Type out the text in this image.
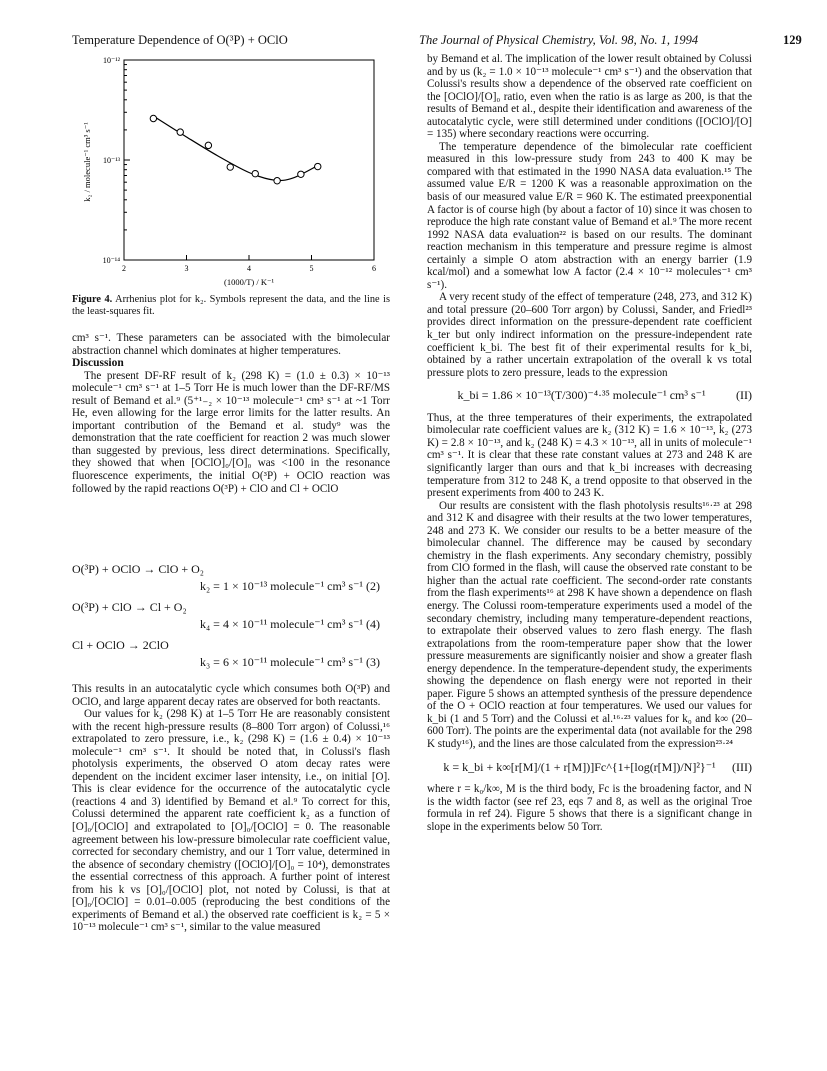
Temperature Dependence of O(³P) + OClO	The Journal of Physical Chemistry, Vol. 98, No. 1, 1994	129
2	3	4	5	6
10⁻¹²
10⁻¹³
10⁻¹⁴
k₂ / molecule⁻¹ cm³ s⁻¹
(1000/T) / K⁻¹
Figure 4. Arrhenius plot for k₂. Symbols represent the data, and the line is the least-squares fit.

cm³ s⁻¹. These parameters can be associated with the bimolecular abstraction channel which dominates at higher temperatures.

Discussion

The present DF-RF result of k₂ (298 K) = (1.0 ± 0.3) × 10⁻¹³ molecule⁻¹ cm³ s⁻¹ at 1–5 Torr He is much lower than the DF-RF/MS result of Bemand et al.⁹ (5⁺¹₋₂ × 10⁻¹³ molecule⁻¹ cm³ s⁻¹ at ~1 Torr He, even allowing for the large error limits for the latter results. An important contribution of the Bemand et al. study⁹ was the demonstration that the rate coefficient for reaction 2 was much slower than suggested by previous, less direct determinations. Specifically, they showed that when [OClO]₀/[O]₀ was <100 in the resonance fluorescence experiments, the initial O(³P) + OClO reaction was followed by the rapid reactions O(³P) + ClO and Cl + OClO

O(³P) + OClO → ClO + O₂
k₂ = 1 × 10⁻¹³ molecule⁻¹ cm³ s⁻¹ (2)
O(³P) + ClO → Cl + O₂
k₄ = 4 × 10⁻¹¹ molecule⁻¹ cm³ s⁻¹ (4)
Cl + OClO → 2ClO
k₃ = 6 × 10⁻¹¹ molecule⁻¹ cm³ s⁻¹ (3)

This results in an autocatalytic cycle which consumes both O(³P) and OClO, and large apparent decay rates are observed for both reactants.

Our values for k₂ (298 K) at 1–5 Torr He are reasonably consistent with the recent high-pressure results (8–800 Torr argon) of Colussi,¹⁶ extrapolated to zero pressure, i.e., k₂ (298 K) = (1.6 ± 0.4) × 10⁻¹³ molecule⁻¹ cm³ s⁻¹. It should be noted that, in Colussi's flash photolysis experiments, the observed O atom decay rates were dependent on the incident excimer laser intensity, i.e., on initial [O]. This is clear evidence for the occurrence of the autocatalytic cycle (reactions 4 and 3) identified by Bemand et al.⁹ To correct for this, Colussi determined the apparent rate coefficient k₂ as a function of [O]₀/[OClO] and extrapolated to [O]₀/[OClO] = 0. The reasonable agreement between his low-pressure bimolecular rate coefficient value, corrected for secondary chemistry, and our 1 Torr value, determined in the absence of secondary chemistry ([OClO]/[O]₀ = 10⁴), demonstrates the essential correctness of this approach. A further point of interest from his k vs [O]₀/[OClO] plot, not noted by Colussi, is that at [O]₀/[OClO] = 0.01–0.005 (reproducing the best conditions of the experiments of Bemand et al.) the observed rate coefficient is k₂ = 5 × 10⁻¹³ molecule⁻¹ cm³ s⁻¹, similar to the value measured

by Bemand et al. The implication of the lower result obtained by Colussi and by us (k₂ = 1.0 × 10⁻¹³ molecule⁻¹ cm³ s⁻¹) and the observation that Colussi's results show a dependence of the observed rate coefficient on the [OClO]/[O]₀ ratio, even when the ratio is as large as 200, is that the results of Bemand et al., despite their identification and awareness of the autocatalytic cycle, were still determined under conditions ([OClO]/[O] = 135) where secondary reactions were occurring.

The temperature dependence of the bimolecular rate coefficient measured in this low-pressure study from 243 to 400 K may be compared with that estimated in the 1990 NASA data evaluation.¹⁵ The assumed value E/R = 1200 K was a reasonable approximation on the basis of our measured value E/R = 960 K. The estimated preexponential A factor is of course high (by about a factor of 10) since it was chosen to reproduce the high rate constant value of Bemand et al.⁹ The more recent 1992 NASA data evaluation²² is based on our results. The dominant reaction mechanism in this temperature and pressure regime is almost certainly a simple O atom abstraction with an energy barrier (1.9 kcal/mol) and a somewhat low A factor (2.4 × 10⁻¹² molecules⁻¹ cm³ s⁻¹).

A very recent study of the effect of temperature (248, 273, and 312 K) and total pressure (20–600 Torr argon) by Colussi, Sander, and Friedl²³ provides direct information on the pressure-dependent rate coefficient k_ter but only indirect information on the pressure-independent rate coefficient k_bi. The best fit of their experimental results for k_bi, obtained by a rather uncertain extrapolation of the overall k vs total pressure plots to zero pressure, leads to the expression

k_bi = 1.86 × 10⁻¹³(T/300)⁻⁴·³⁵ molecule⁻¹ cm³ s⁻¹	(II)

Thus, at the three temperatures of their experiments, the extrapolated bimolecular rate coefficient values are k₂ (312 K) = 1.6 × 10⁻¹³, k₂ (273 K) = 2.8 × 10⁻¹³, and k₂ (248 K) = 4.3 × 10⁻¹³, all in units of molecule⁻¹ cm³ s⁻¹. It is clear that these rate constant values at 273 and 248 K are significantly larger than ours and that k_bi increases with decreasing temperature from 312 to 248 K, a trend opposite to that observed in the present experiments from 400 to 243 K.

Our results are consistent with the flash photolysis results¹⁶·²³ at 298 and 312 K and disagree with their results at the two lower temperatures, 248 and 273 K. We consider our results to be a better measure of the bimolecular channel. The difference may be caused by secondary chemistry in the flash experiments. Any secondary chemistry, possibly from ClO formed in the flash, will cause the observed rate constant to be higher than the actual rate coefficient. The second-order rate constants from the flash experiments¹⁶ at 298 K have shown a dependence on flash energy. The Colussi room-temperature experiments used a model of the secondary chemistry, including many temperature-dependent reactions, to extrapolate their observed values to zero flash energy. The flash extrapolations from the room-temperature paper show that the lower pressure measurements are significantly noisier and show a greater flash energy dependence. In the temperature-dependent study, the experiments showing the dependence on flash energy were not reported in their paper. Figure 5 shows an attempted synthesis of the pressure dependence of the O + OClO reaction at four temperatures. We used our values for k_bi (1 and 5 Torr) and the Colussi et al.¹⁶·²³ values for k₀ and k∞ (20–600 Torr). The points are the experimental data (not available for the 298 K study¹⁶), and the lines are those calculated from the expression²³·²⁴

k = k_bi + k∞[r[M]/(1 + r[M])]Fc^{1+[log(r[M])/N]²}⁻¹ (III)

where r = k₀/k∞, M is the third body, Fc is the broadening factor, and N is the width factor (see ref 23, eqs 7 and 8, as well as the original Troe formula in ref 24). Figure 5 shows that there is a significant change in slope in the experiments below 50 Torr.
